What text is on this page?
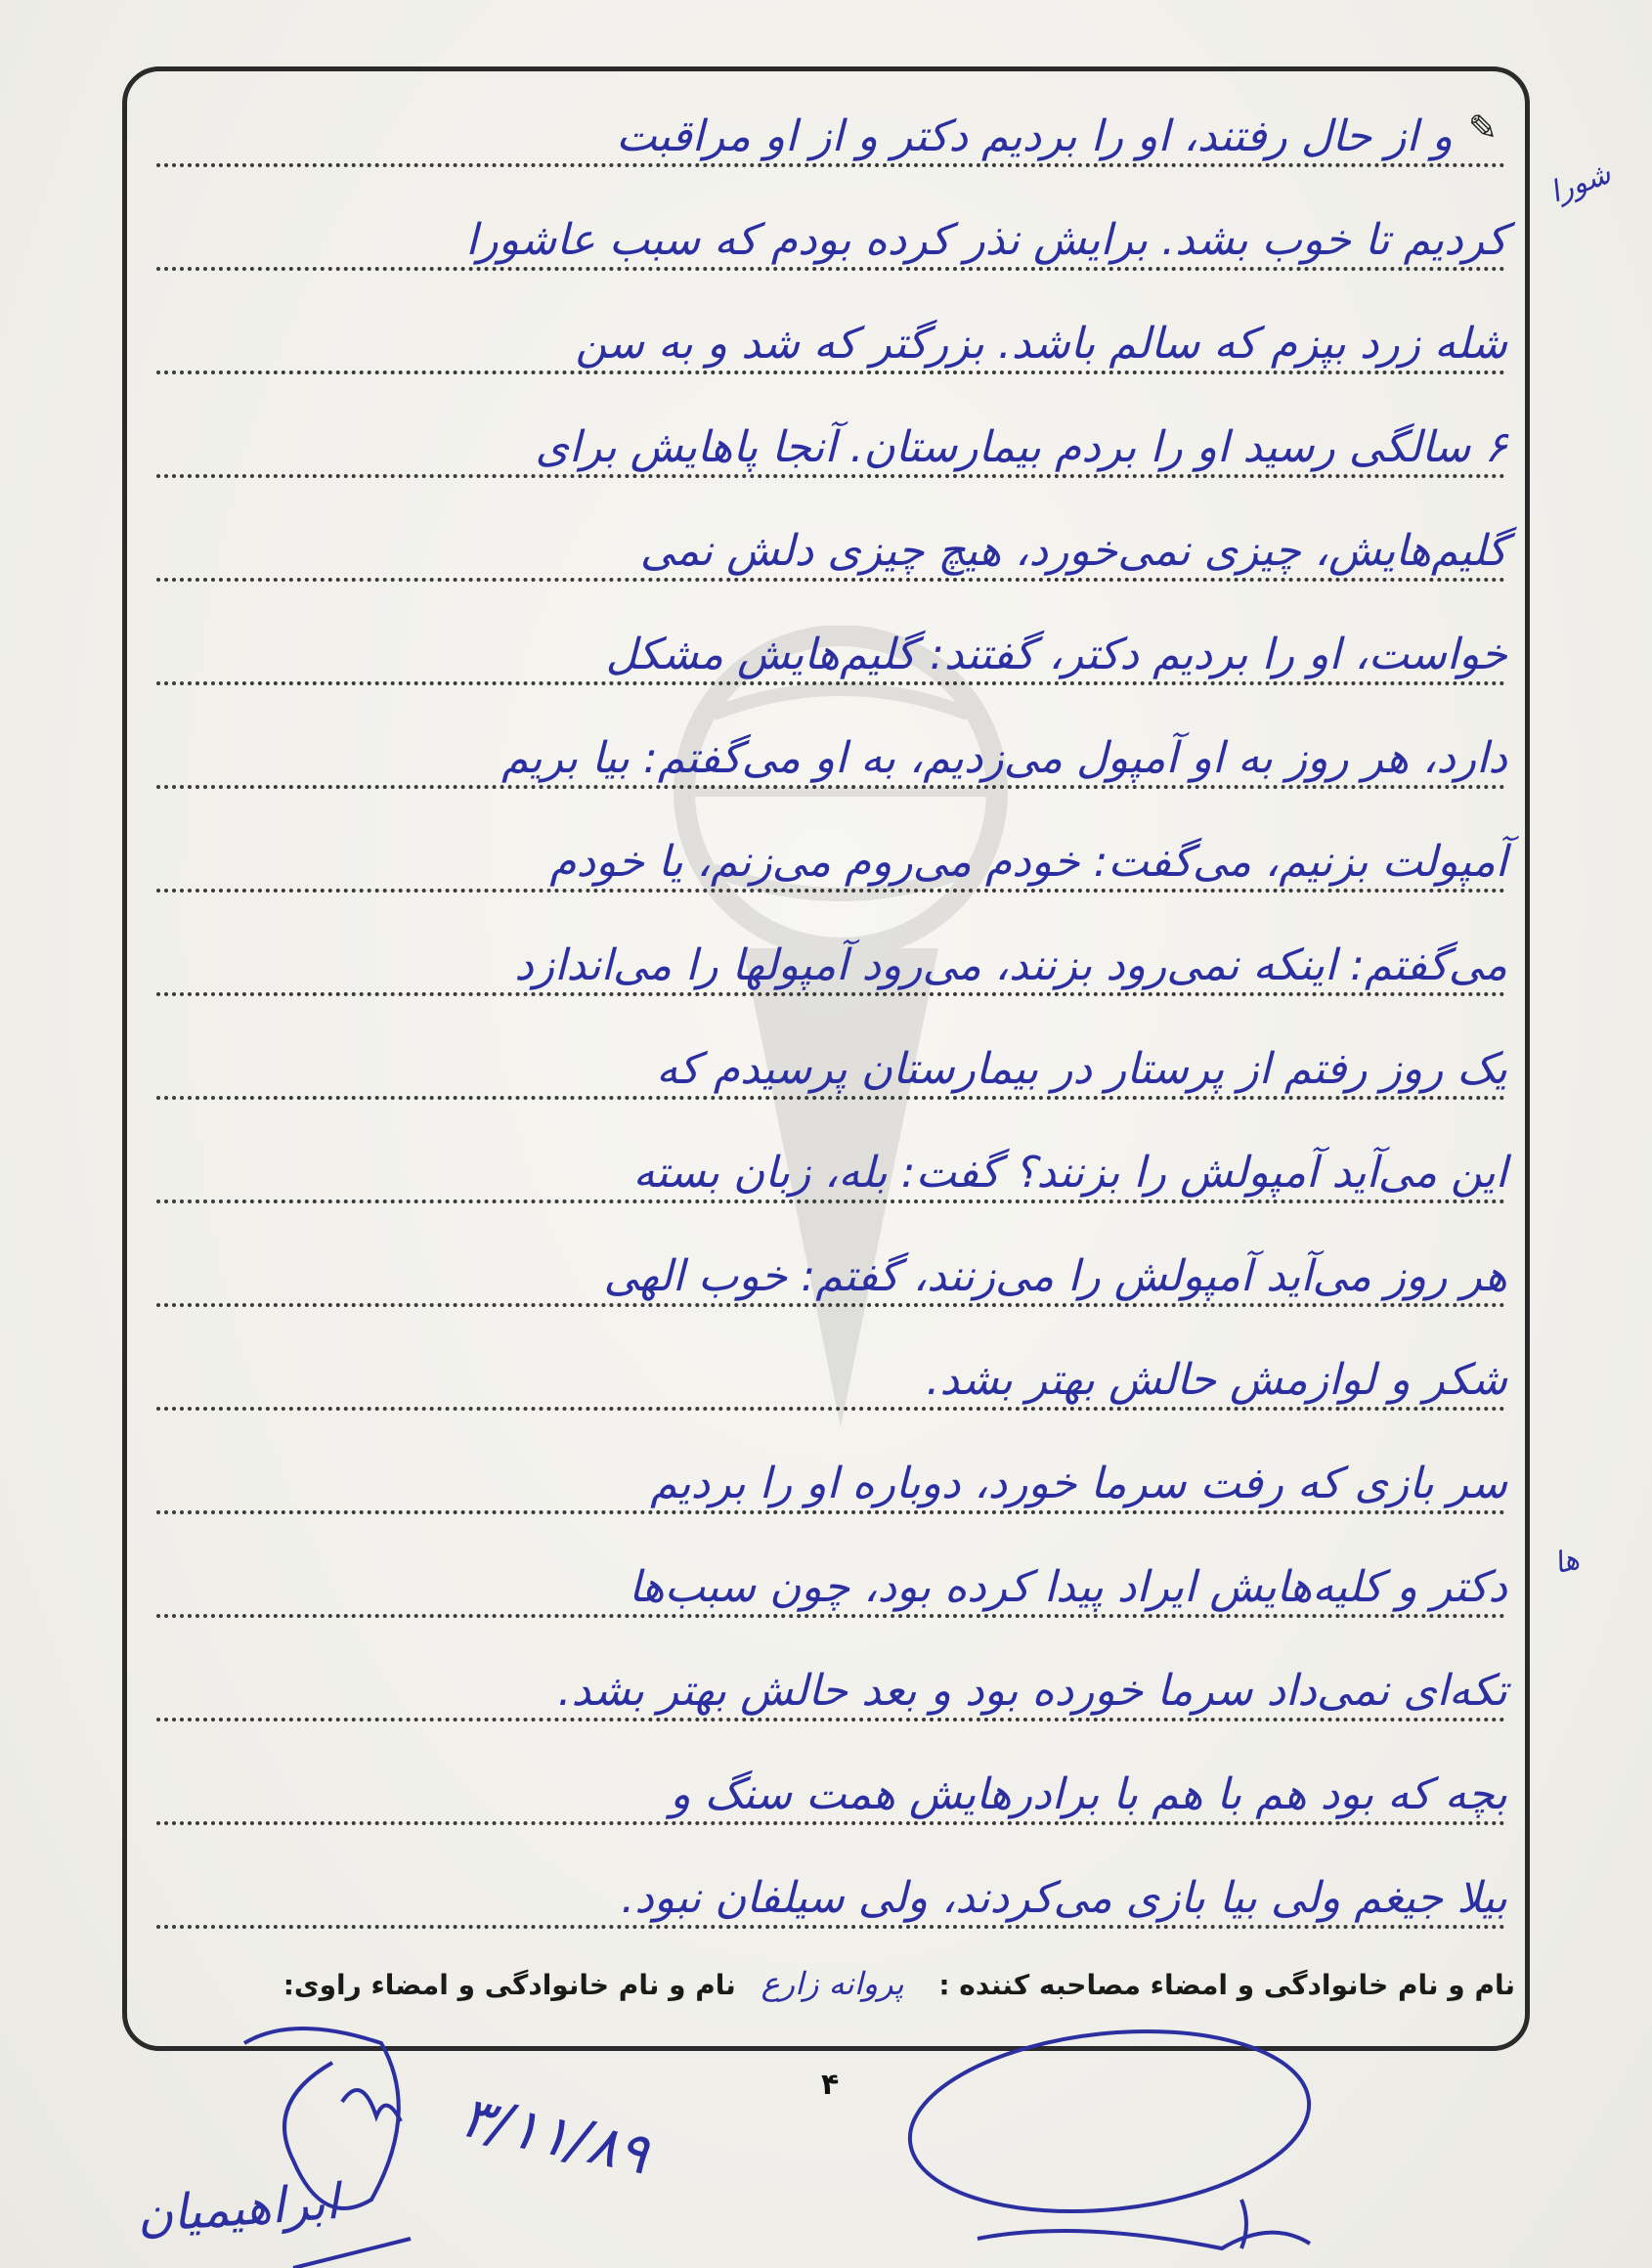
✎
و از حال رفتند، او را بردیم دکتر و از او مراقبت
کردیم تا خوب بشد. برایش نذر کرده بودم که سبب عاشورا
شله زرد بپزم که سالم باشد. بزرگتر که شد و به سن
۶ سالگی رسید او را بردم بیمارستان. آنجا پاهایش برای
گلیم‌هایش، چیزی نمی‌خورد، هیچ چیزی دلش نمی
خواست، او را بردیم دکتر، گفتند: گلیم‌هایش مشکل
دارد، هر روز به او آمپول می‌زدیم، به او می‌گفتم: بیا بریم
آمپولت بزنیم، می‌گفت: خودم می‌روم می‌زنم، یا خودم
می‌گفتم: اینکه نمی‌رود بزنند، می‌رود آمپولها را می‌اندازد
یک روز رفتم از پرستار در بیمارستان پرسیدم که
این می‌آید آمپولش را بزنند؟ گفت: بله، زبان بسته
هر روز می‌آید آمپولش را می‌زنند، گفتم: خوب الهی
شکر و لوازمش حالش بهتر بشد.
سر بازی که رفت سرما خورد، دوباره او را بردیم
دکتر و کلیه‌هایش ایراد پیدا کرده بود، چون سبب‌ها
تکه‌ای نمی‌داد سرما خورده بود و بعد حالش بهتر بشد.
بچه که بود هم با هم با برادرهایش همت سنگ و
بیلا جیغم ولی بیا بازی می‌کردند، ولی سیلفان نبود.
شورا
ها
نام و نام خانوادگی و امضاء مصاحبه کننده : پروانه زارع نام و نام خانوادگی و امضاء راوی:
۴
۳/۱۱/۸۹
ابراهیمیان
